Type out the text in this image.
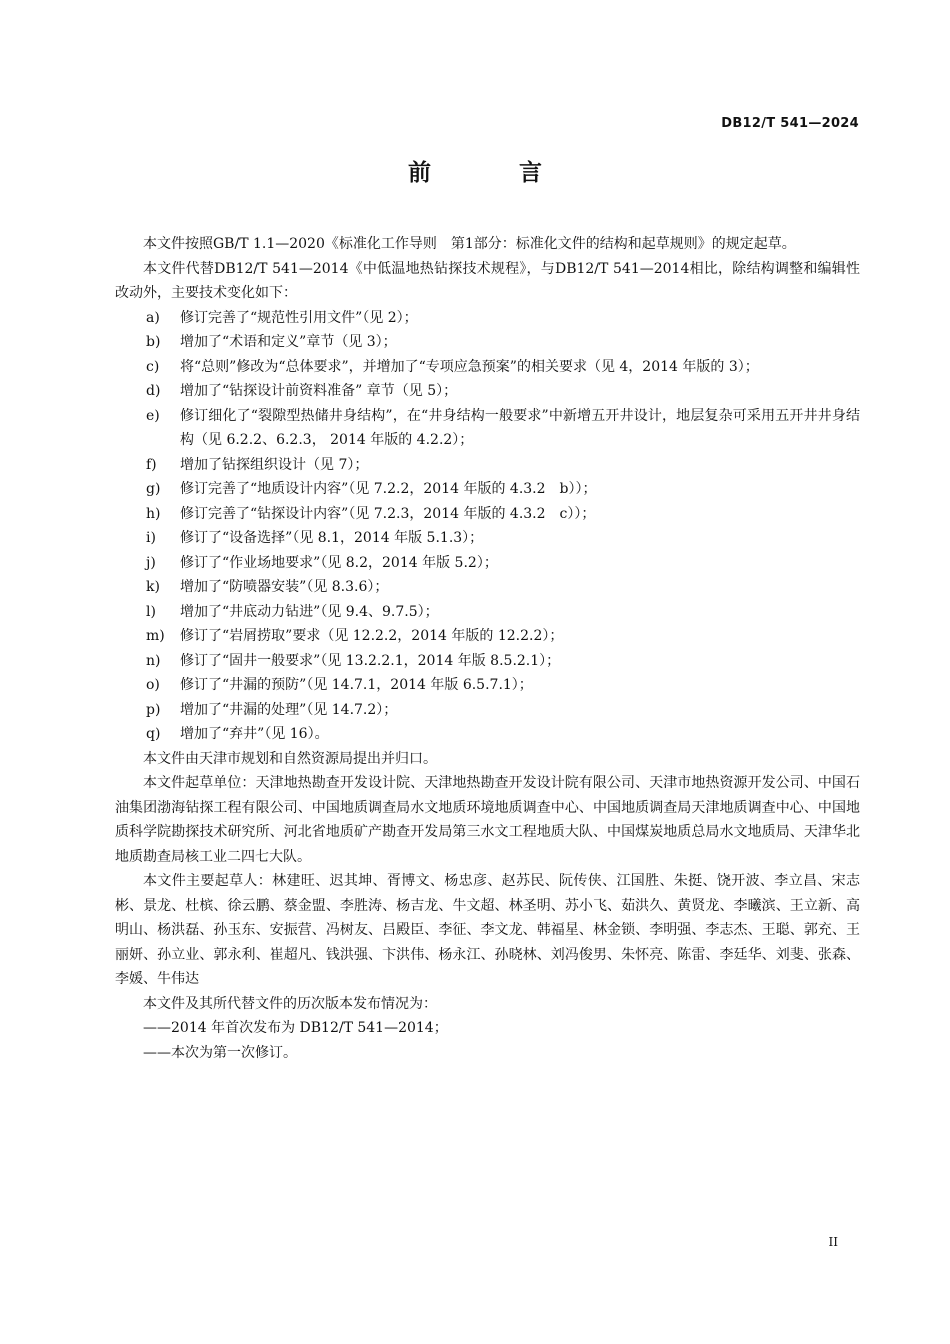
DB12/T 541—2024
前 言

本文件按照GB/T 1.1—2020《标准化工作导则　第1部分：标准化文件的结构和起草规则》的规定起草。

本文件代替DB12/T 541—2014《中低温地热钻探技术规程》，与DB12/T 541—2014相比，除结构调整和编辑性改动外，主要技术变化如下：

a) 修订完善了“规范性引用文件”（见 2）；

b) 增加了“术语和定义”章节（见 3）；

c) 将“总则”修改为“总体要求”，并增加了“专项应急预案”的相关要求（见 4，2014 年版的 3）；

d) 增加了“钻探设计前资料准备” 章节（见 5）；

e) 修订细化了“裂隙型热储井身结构”，在“井身结构一般要求”中新增五开井设计，地层复杂可采用五开井井身结构（见 6.2.2、6.2.3， 2014 年版的 4.2.2）；

f) 增加了钻探组织设计（见 7）；

g) 修订完善了“地质设计内容”（见 7.2.2，2014 年版的 4.3.2　b））；

h) 修订完善了“钻探设计内容”（见 7.2.3，2014 年版的 4.3.2　c））；

i) 修订了“设备选择”（见 8.1，2014 年版 5.1.3）；

j) 修订了“作业场地要求”（见 8.2，2014 年版 5.2）；

k) 增加了“防喷器安装”（见 8.3.6）；

l) 增加了“井底动力钻进”（见 9.4、9.7.5）；

m) 修订了“岩屑捞取”要求（见 12.2.2，2014 年版的 12.2.2）；

n) 修订了“固井一般要求”（见 13.2.2.1，2014 年版 8.5.2.1）；

o) 修订了“井漏的预防”（见 14.7.1，2014 年版 6.5.7.1）；

p) 增加了“井漏的处理”（见 14.7.2）；

q) 增加了“弃井”（见 16）。

本文件由天津市规划和自然资源局提出并归口。

本文件起草单位：天津地热勘查开发设计院、天津地热勘查开发设计院有限公司、天津市地热资源开发公司、中国石油集团渤海钻探工程有限公司、中国地质调查局水文地质环境地质调查中心、中国地质调查局天津地质调查中心、中国地质科学院勘探技术研究所、河北省地质矿产勘查开发局第三水文工程地质大队、中国煤炭地质总局水文地质局、天津华北地质勘查局核工业二四七大队。

本文件主要起草人：林建旺、迟其坤、胥博文、杨忠彦、赵苏民、阮传侠、江国胜、朱挺、饶开波、李立昌、宋志彬、景龙、杜槟、徐云鹏、蔡金盟、李胜涛、杨吉龙、牛文超、林圣明、苏小飞、茹洪久、黄贤龙、李曦滨、王立新、高明山、杨洪磊、孙玉东、安振营、冯树友、吕殿臣、李征、李文龙、韩福星、林金锁、李明强、李志杰、王聪、郭充、王丽妍、孙立业、郭永利、崔超凡、钱洪强、卞洪伟、杨永江、孙晓林、刘冯俊男、朱怀亮、陈雷、李廷华、刘斐、张森、李媛、牛伟达

本文件及其所代替文件的历次版本发布情况为：

——2014 年首次发布为 DB12/T 541—2014；

——本次为第一次修订。

II
